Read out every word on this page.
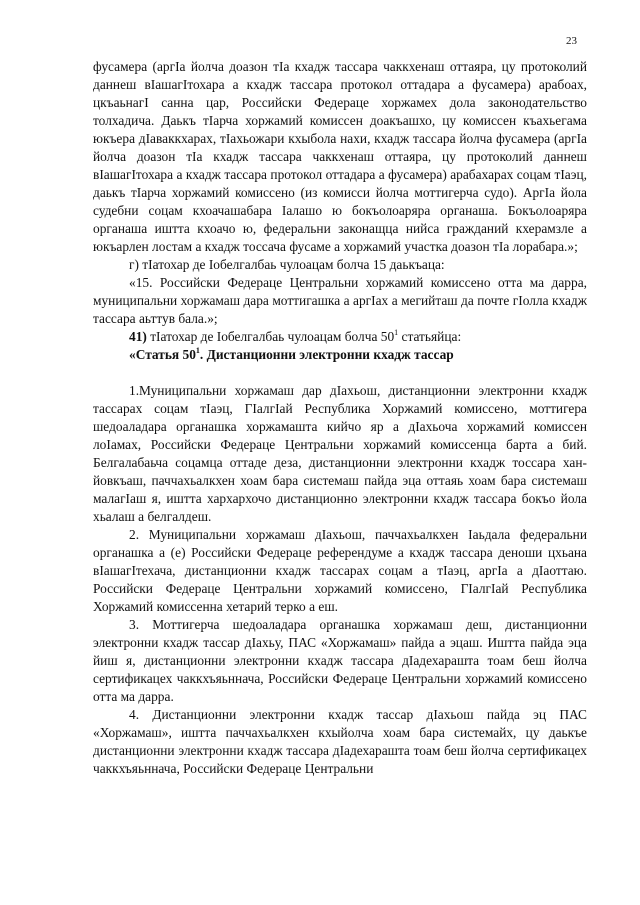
23

фусамера (аргIа йолча доазон тIа кхадж тассара чаккхенаш оттаяра, цу протоколий даннеш вIашагIтохара а кхадж тассара протокол оттадара а фусамера) арабоах, цкъаьнагI санна цар, Российски Федераце хоржамех дола законодательство толхадича. Даькъ тIарча хоржамий комиссен доакъашхо, цу комиссен къахьегама юкъера дIаваккхарах, тIахьожари кхыбола нахи, кхадж тассара йолча фусамера (аргIа йолча доазон тIа кхадж тассара чаккхенаш оттаяра, цу протоколий даннеш вIашагIтохара а кхадж тассара протокол оттадара а фусамера) арабахарах соцам тIаэц, даькъ тIарча хоржамий комиссено (из комисси йолча моттигерча судо). АргIа йола судебни соцам кхоачашабара Iалашо ю бокъолоаряра органаша. Бокъолоаряра органаша иштта кхоачо ю, федеральни законащца нийса гражданий кхерамзле а юкъарлен лостам а кхадж тоссача фусаме а хоржамий участка доазон тIа лорабара.»;

г) тIатохар де Iобелгалбаь чулоацам болча 15 даькъаца:

«15. Российски Федераце Центральни хоржамий комиссено отта ма дарра, муниципальни хоржамаш дара моттигашка а аргIах а мегийташ да почте гIолла кхадж тассара аьттув бала.»;

41) тIатохар де Iобелгалбаь чулоацам болча $50^1$ статьяйца:

«Статья $50^1$. Дистанционни электронни кхадж тассар

1.Муниципальни хоржамаш дар дIахьош, дистанционни электронни кхадж тассарах соцам тIаэц, ГIалгIай Республика Хоржамий комиссено, моттигера шедоаладара органашка хоржамашта кийчо яр а дIахьоча хоржамий комиссен лоIамах, Российски Федераце Центральни хоржамий комиссенца барта а бий. Белгалабаьча соцамца оттаде деза, дистанционни электронни кхадж тоссара хан-йовкъаш, паччахьалкхен хоам бара системаш пайда эца оттаяь хоам бара системаш малагIаш я, иштта хархархочо дистанционно электронни кхадж тассара бокъо йола хьалаш а белгалдеш.

2. Муниципальни хоржамаш дIахьош, паччахьалкхен Iаьдала федеральни органашка а (е) Российски Федераце референдуме а кхадж тассара деноши цхьана вIашагIтехача, дистанционни кхадж тассарах соцам а тIаэц, аргIа а дIаоттаю. Российски Федераце Центральни хоржамий комиссено, ГIалгIай Республика Хоржамий комиссенна хетарий терко а еш.

3. Моттигерча шедоаладара органашка хоржамаш деш, дистанционни электронни кхадж тассар дIахьу, ПАС «Хоржамаш» пайда а эцаш. Иштта пайда эца йиш я, дистанционни электронни кхадж тассара дIадехараштa тоам беш йолча сертификацех чаккхъяьннача, Российски Федераце Центральни хоржамий комиссено отта ма дарра.

4. Дистанционни электронни кхадж тассар дIахьош пайда эц ПАС «Хоржамаш», иштта паччахьалкхен кхыйолча хоам бара системайх, цу даькъе дистанционни электронни кхадж тассара дIадехараштa тоам беш йолча сертификацех чаккхъяьннача, Российски Федераце Центральни
